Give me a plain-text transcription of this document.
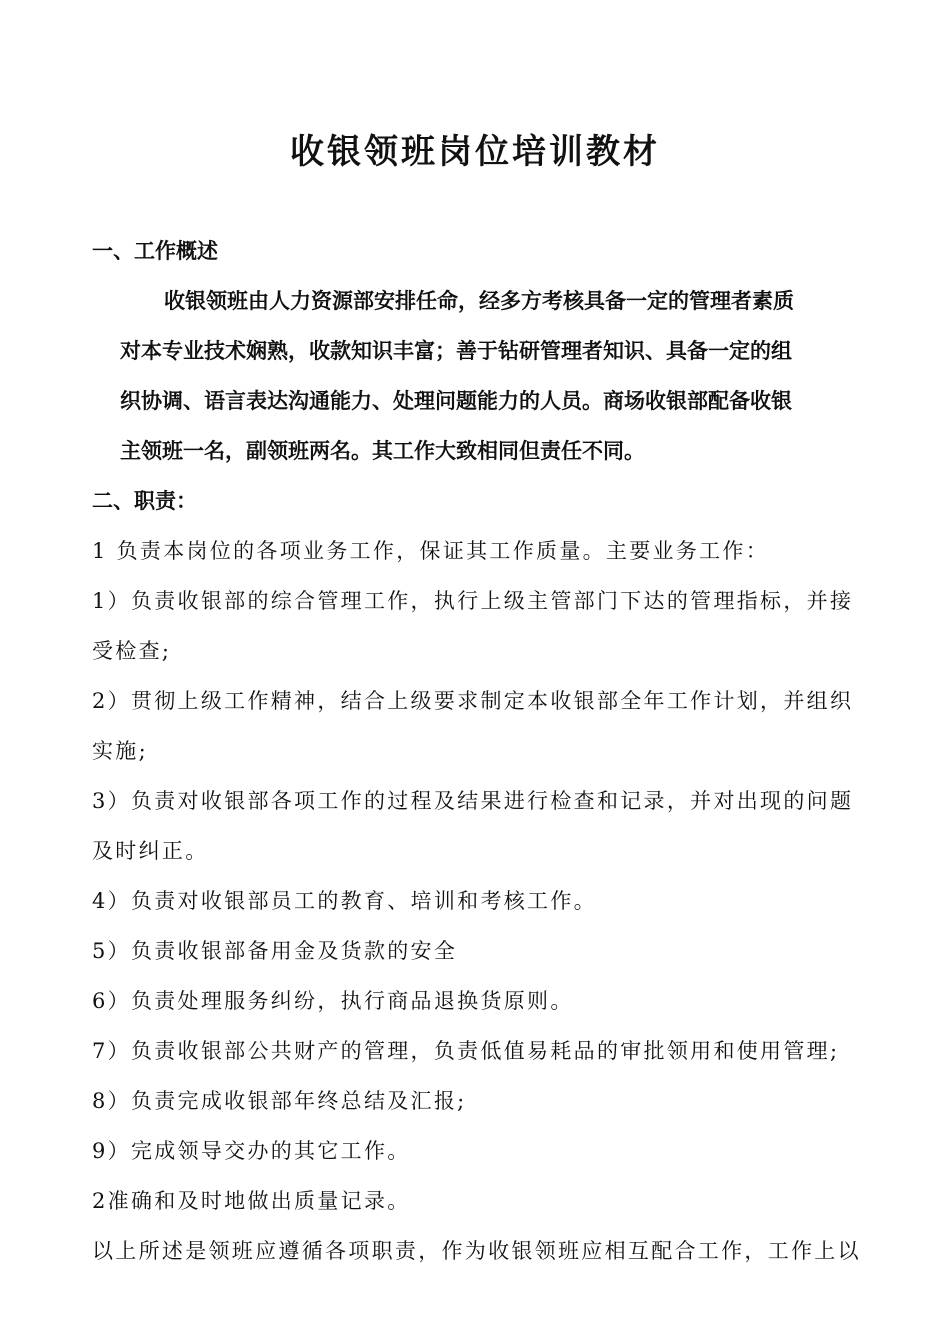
收银领班岗位培训教材
一、工作概述
收银领班由人力资源部安排任命，经多方考核具备一定的管理者素质
对本专业技术娴熟，收款知识丰富；善于钻研管理者知识、具备一定的组
织协调、语言表达沟通能力、处理问题能力的人员。商场收银部配备收银
主领班一名，副领班两名。其工作大致相同但责任不同。
二、职责：
1 负责本岗位的各项业务工作，保证其工作质量。主要业务工作：
1）负责收银部的综合管理工作，执行上级主管部门下达的管理指标，并接
受检查;
2）贯彻上级工作精神，结合上级要求制定本收银部全年工作计划，并组织
实施;
3）负责对收银部各项工作的过程及结果进行检查和记录，并对出现的问题
及时纠正。
4）负责对收银部员工的教育、培训和考核工作。
5）负责收银部备用金及货款的安全
6）负责处理服务纠纷，执行商品退换货原则。
7）负责收银部公共财产的管理，负责低值易耗品的审批领用和使用管理;
8）负责完成收银部年终总结及汇报;
9）完成领导交办的其它工作。
2准确和及时地做出质量记录。
以上所述是领班应遵循各项职责，作为收银领班应相互配合工作，工作上以
